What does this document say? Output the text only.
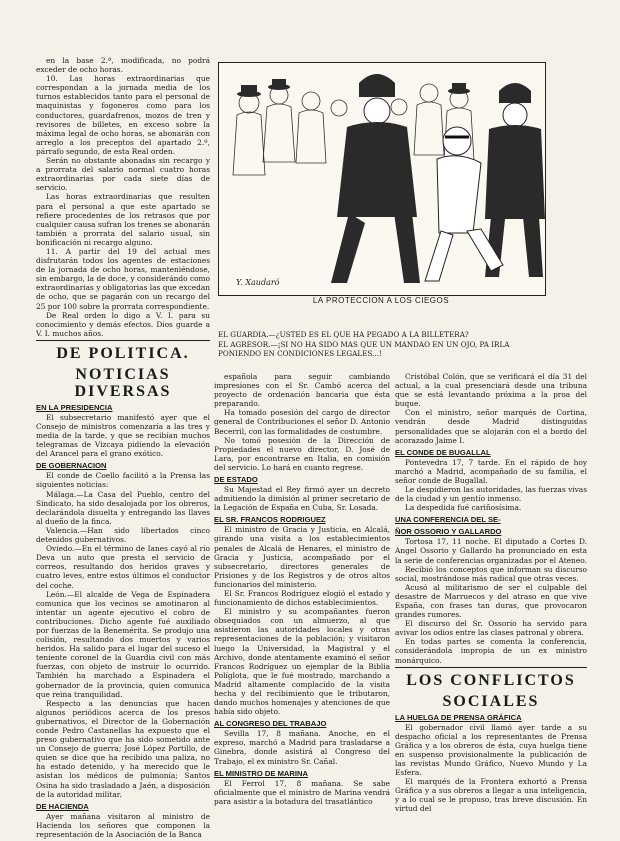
en la base 2.ª, modificada, no podrá exceder de ocho horas.

10. Las horas extraordinarias que correspondan a la jornada media de los turnos establecidos tanto para el personal de maquinistas y fogoneros como para los conductores, guardafrenos, mozos de tren y revisores de billetes, en exceso sobre la máxima legal de ocho horas, se abonarán con arreglo a los preceptos del apartado 2.º, párrafo segundo, de esta Real orden.

Serán no obstante abonadas sin recargo y a prorrata del salario normal cuatro horas extraordinarias por cada siete días de servicio.

Las horas extraordinarias que resulten para el personal a que este apartado se refiere procedentes de los retrasos que por cualquier causa sufran los trenes se abonarán también a prorrata del salario usual, sin bonificación ni recargo alguno.

11. A partir del 19 del actual mes disfrutarán todos los agentes de estaciones de la jornada de ocho horas, manteniéndose, sin embargo, la de doce, y considerándo como extraordinarias y obligatorias las que excedan de ocho, que se pagarán con un recargo del 25 por 100 sobre la prorrata correspondiente.

De Real orden lo digo a V. I. para su conocimiento y demás efectos. Dios guarde a V. I. muchos años.

DE POLITICA.
NOTICIAS DIVERSAS
EN LA PRESIDENCIA

El subsecretario manifestó ayer que el Consejo de ministros comenzaría a las tres y media de la tarde, y que se recibían muchos telegramas de Vizcaya pidiendo la elevación del Arancel para el grano exótico.

DE GOBERNACION

El conde de Coello facilitó a la Prensa las siguientes noticias:

Málaga.—La Casa del Pueblo, centro del Sindicato, ha sido desalojada por los obreros, declarándola disuelta y entregando las llaves al dueño de la finca.

Valencia.—Han sido libertados cinco detenidos gubernativos.

Oviedo.—En el término de Ianes cayó al río Deva un auto que presta el servicio de correos, resultando dos heridos graves y cuatro leves, entre estos últimos el conductor del coche.

León.—El alcalde de Vega de Espinadera comunica que los vecinos se amotinaron al intentar un agente ejecutivo el cobro de contribuciones. Dicho agente fué auxiliado por fuerzas de la Benemérita. Se produjo una colisión, resultando dos muertos y varios heridos. Ha salido para el lugar del suceso el teniente coronel de la Guardia civil con más fuerzas, con objeto de instruir lo ocurrido. También ha marchado a Espinadera el gobernador de la provincia, quien comunica que reina tranquilidad.

Respecto a las denuncias que hacen algunos periódicos acerca de los presos gubernativos, el Director de la Gobernación conde Pedro Castanellas ha expuesto que el preso gubernativo que ha sido sometido ante un Consejo de guerra; José López Portillo, de quien se dice que ha recibido una paliza, no ha estado detenido, y ha merecido que le asistan los médicos de pulmonía; Santos Osina ha sido trasladado a Jaén, a disposición de la autoridad militar.

DE HACIENDA

Ayer mañana visitaron al ministro de Hacienda los señores que componen la representación de la Asociación de la Banca

Y. Xaudaró
LA PROTECCION A LOS CIEGOS

EL GUARDIA.—¿USTED ES EL QUE HA PEGADO A LA BILLETERA?

EL AGRESOR.—¡SI NO HA SIDO MAS QUE UN MANDAO EN UN OJO, PA IRLA PONIENDO EN CONDICIONES LEGALES...!

española para seguir cambiando impresiones con el Sr. Cambó acerca del proyecto de ordenación bancaria que ésta preparando.

Ha tomado posesión del cargo de director general de Contribuciones el señor D. Antonio Becerril, con las formalidades de costumbre.

No tomó posesión de la Dirección de Propiedades el nuevo director, D. José de Lara, por encontrarse en Italia, en comisión del servicio. Lo hará en cuanto regrese.

DE ESTADO

Su Majestad el Rey firmó ayer un decreto admitiendo la dimisión al primer secretario de la Legación de España en Cuba, Sr. Losada.

EL SR. FRANCOS RODRIGUEZ

El ministro de Gracia y Justicia, en Alcalá, girando una visita a los establecimientos penales de Alcalá de Henares, el ministro de Gracia y Justicia, acompañado por el subsecretario, directores generales de Prisiones y de los Registros y de otros altos funcionarios del ministerio.

El Sr. Francos Rodríguez elogió el estado y funcionamiento de dichos establecimientos.

El ministro y su acompañantes fueron obsequiados con un almuerzo, al que asistieron las autoridades locales y otras representaciones de la población; y visitaron luego la Universidad, la Magistral y el Archivo, donde atentamente examinó el señor Francos Rodríguez un ejemplar de la Biblia Políglota, que le fué mostrado, marchando a Madrid altamente complacido de la visita hecha y del recibimiento que le tributaron, dando muchos homenajes y atenciones de que había sido objeto.

AL CONGRESO DEL TRABAJO

Sevilla 17, 8 mañana. Anoche, en el expreso, marchó a Madrid para trasladarse a Ginebra, donde asistirá al Congreso del Trabajo, el ex ministro Sr. Cañal.

EL MINISTRO DE MARINA

El Ferrol 17, 8 mañana. Se sabe oficialmente que el ministro de Marina vendrá para asistir a la botadura del trasatlántico

Cristóbal Colón, que se verificará el día 31 del actual, a la cual presenciará desde una tribuna que se está levantando próxima a la proa del buque.

Con el ministro, señor marqués de Cortina, vendrán desde Madrid distinguidas personalidades que se alojarán con el a bordo del acorazado Jaime I.

EL CONDE DE BUGALLAL

Pontevedra 17, 7 tarde. En el rápido de hoy marchó a Madrid, acompañado de su familia, el señor conde de Bugallal.

Le despidieron las autoridades, las fuerzas vivas de la ciudad y un gentío inmenso.

La despedida fué cariñosísima.

UNA CONFERENCIA DEL SE-
ÑOR OSSORIO Y GALLARDO

Tortosa 17, 11 noche. El diputado a Cortes D. Angel Ossorio y Gallardo ha pronunciado en esta la serie de conferencias organizadas por el Ateneo.

Recibió los conceptos que informan su discurso social, mostrándose más radical que otras veces.

Acusó al militarismo de ser el culpable del desastre de Marruecos y del atraso en que vive España, con frases tan duras, que provocaron grandes rumores.

El discurso del Sr. Ossorio ha servido para avivar los odios entre las clases patronal y obrera.

En todas partes se comenta la conferencia, considerándola impropia de un ex ministro monárquico.

LOS CONFLICTOS
SOCIALES
LA HUELGA DE PRENSA GRÁFICA

El gobernador civil llamó ayer tarde a su despacho oficial a los representantes de Prensa Gráfica y a los obreros de ésta, cuya huelga tiene en suspenso provisionalmente la publicación de las revistas Mundo Gráfico, Nuevo Mundo y La Esfera.

El marqués de la Frontera exhortó a Prensa Gráfica y a sus obreros a llegar a una inteligencia, y a lo cual se le propuso, tras breve discusión. En virtud del
